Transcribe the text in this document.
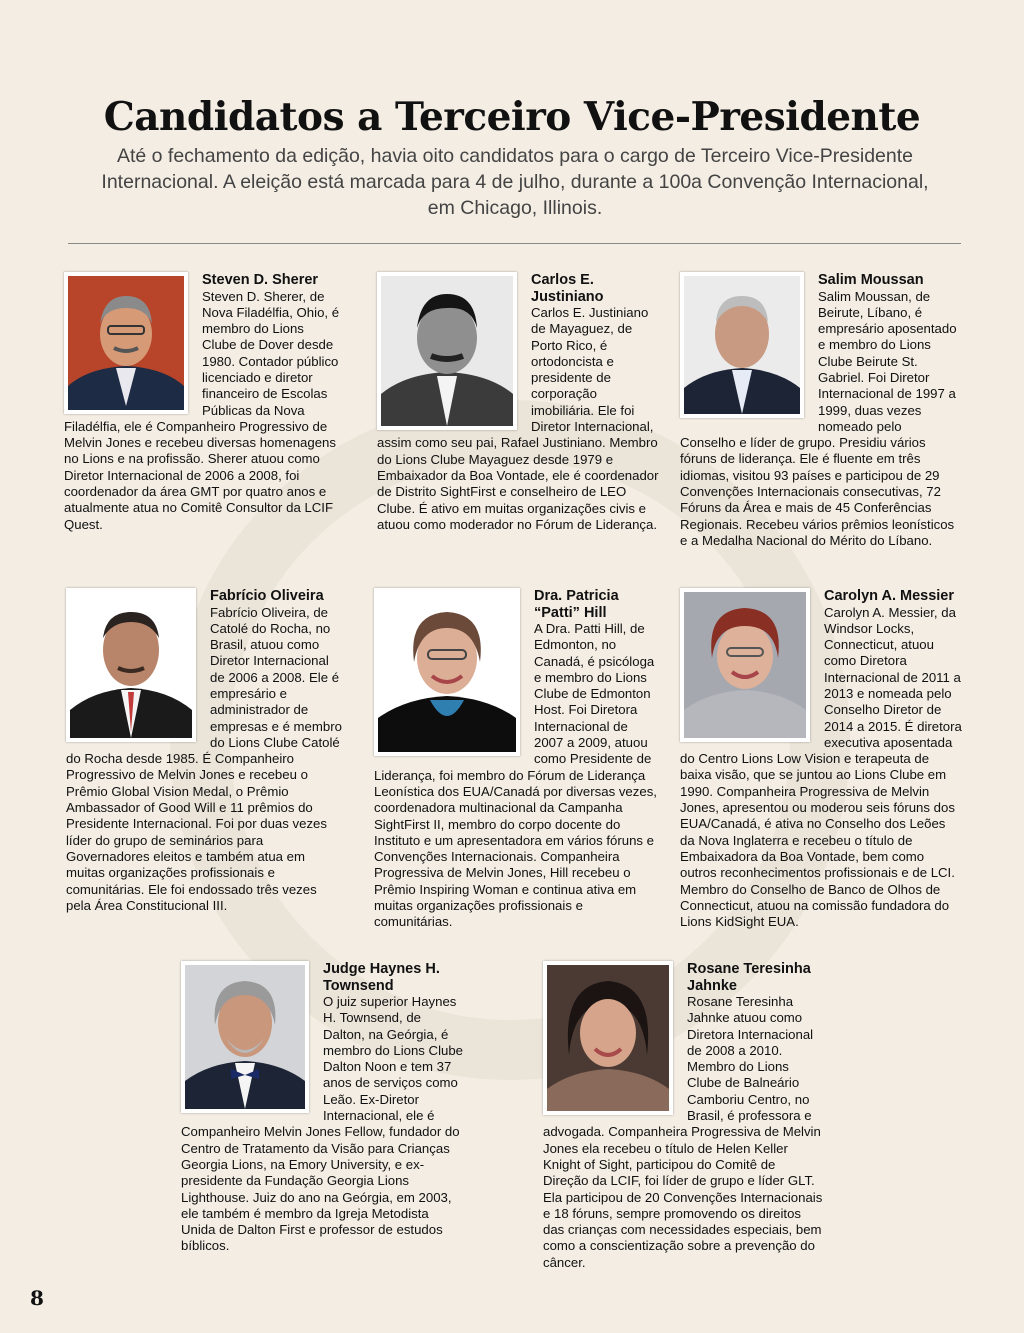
Candidatos a Terceiro Vice-Presidente
Até o fechamento da edição, havia oito candidatos para o cargo de Terceiro Vice-Presidente Internacional. A eleição está marcada para 4 de julho, durante a 100a Convenção Internacional, em Chicago, Illinois.
Steven D. Sherer
Steven D. Sherer, de Nova Filadélfia, Ohio, é membro do Lions Clube de Dover desde 1980. Contador público licenciado e diretor financeiro de Escolas Públicas da Nova Filadélfia, ele é Companheiro Progressivo de Melvin Jones e recebeu diversas homenagens no Lions e na profissão. Sherer atuou como Diretor Internacional de 2006 a 2008, foi coordenador da área GMT por quatro anos e atualmente atua no Comitê Consultor da LCIF Quest.
Carlos E. Justiniano
Carlos E. Justiniano de Mayaguez, de Porto Rico, é ortodoncista e presidente de corporação imobiliária. Ele foi Diretor Internacional, assim como seu pai, Rafael Justiniano. Membro do Lions Clube Mayaguez desde 1979 e Embaixador da Boa Vontade, ele é coordenador de Distrito SightFirst e conselheiro de LEO Clube. É ativo em muitas organizações civis e atuou como moderador no Fórum de Liderança.
Salim Moussan
Salim Moussan, de Beirute, Líbano, é empresário aposentado e membro do Lions Clube Beirute St. Gabriel. Foi Diretor Internacional de 1997 a 1999, duas vezes nomeado pelo Conselho e líder de grupo. Presidiu vários fóruns de liderança. Ele é fluente em três idiomas, visitou 93 países e participou de 29 Convenções Internacionais consecutivas, 72 Fóruns da Área e mais de 45 Conferências Regionais. Recebeu vários prêmios leonísticos e a Medalha Nacional do Mérito do Líbano.
Fabrício Oliveira
Fabrício Oliveira, de Catolé do Rocha, no Brasil, atuou como Diretor Internacional de 2006 a 2008. Ele é empresário e administrador de empresas e é membro do Lions Clube Catolé do Rocha desde 1985. É Companheiro Progressivo de Melvin Jones e recebeu o Prêmio Global Vision Medal, o Prêmio Ambassador of Good Will e 11 prêmios do Presidente Internacional. Foi por duas vezes líder do grupo de seminários para Governadores eleitos e também atua em muitas organizações profissionais e comunitárias. Ele foi endossado três vezes pela Área Constitucional III.
Dra. Patricia “Patti” Hill
A Dra. Patti Hill, de Edmonton, no Canadá, é psicóloga e membro do Lions Clube de Edmonton Host. Foi Diretora Internacional de 2007 a 2009, atuou como Presidente de Liderança, foi membro do Fórum de Liderança Leonística dos EUA/Canadá por diversas vezes, coordenadora multinacional da Campanha SightFirst II, membro do corpo docente do Instituto e um apresentadora em vários fóruns e Convenções Internacionais. Companheira Progressiva de Melvin Jones, Hill recebeu o Prêmio Inspiring Woman e continua ativa em muitas organizações profissionais e comunitárias.
Carolyn A. Messier
Carolyn A. Messier, da Windsor Locks, Connecticut, atuou como Diretora Internacional de 2011 a 2013 e nomeada pelo Conselho Diretor de 2014 a 2015. É diretora executiva aposentada do Centro Lions Low Vision e terapeuta de baixa visão, que se juntou ao Lions Clube em 1990. Companheira Progressiva de Melvin Jones, apresentou ou moderou seis fóruns dos EUA/Canadá, é ativa no Conselho dos Leões da Nova Inglaterra e recebeu o título de Embaixadora da Boa Vontade, bem como outros reconhecimentos profissionais e de LCI. Membro do Conselho de Banco de Olhos de Connecticut, atuou na comissão fundadora do Lions KidSight EUA.
Judge Haynes H. Townsend
O juiz superior Haynes H. Townsend, de Dalton, na Geórgia, é membro do Lions Clube Dalton Noon e tem 37 anos de serviços como Leão. Ex-Diretor Internacional, ele é Companheiro Melvin Jones Fellow, fundador do Centro de Tratamento da Visão para Crianças Georgia Lions, na Emory University, e ex-presidente da Fundação Georgia Lions Lighthouse. Juiz do ano na Geórgia, em 2003, ele também é membro da Igreja Metodista Unida de Dalton First e professor de estudos bíblicos.
Rosane Teresinha Jahnke
Rosane Teresinha Jahnke atuou como Diretora Internacional de 2008 a 2010. Membro do Lions Clube de Balneário Camboriu Centro, no Brasil, é professora e advogada. Companheira Progressiva de Melvin Jones ela recebeu o título de Helen Keller Knight of Sight, participou do Comitê de Direção da LCIF, foi líder de grupo e líder GLT. Ela participou de 20 Convenções Internacionais e 18 fóruns, sempre promovendo os direitos das crianças com necessidades especiais, bem como a conscientização sobre a prevenção do câncer.
8
